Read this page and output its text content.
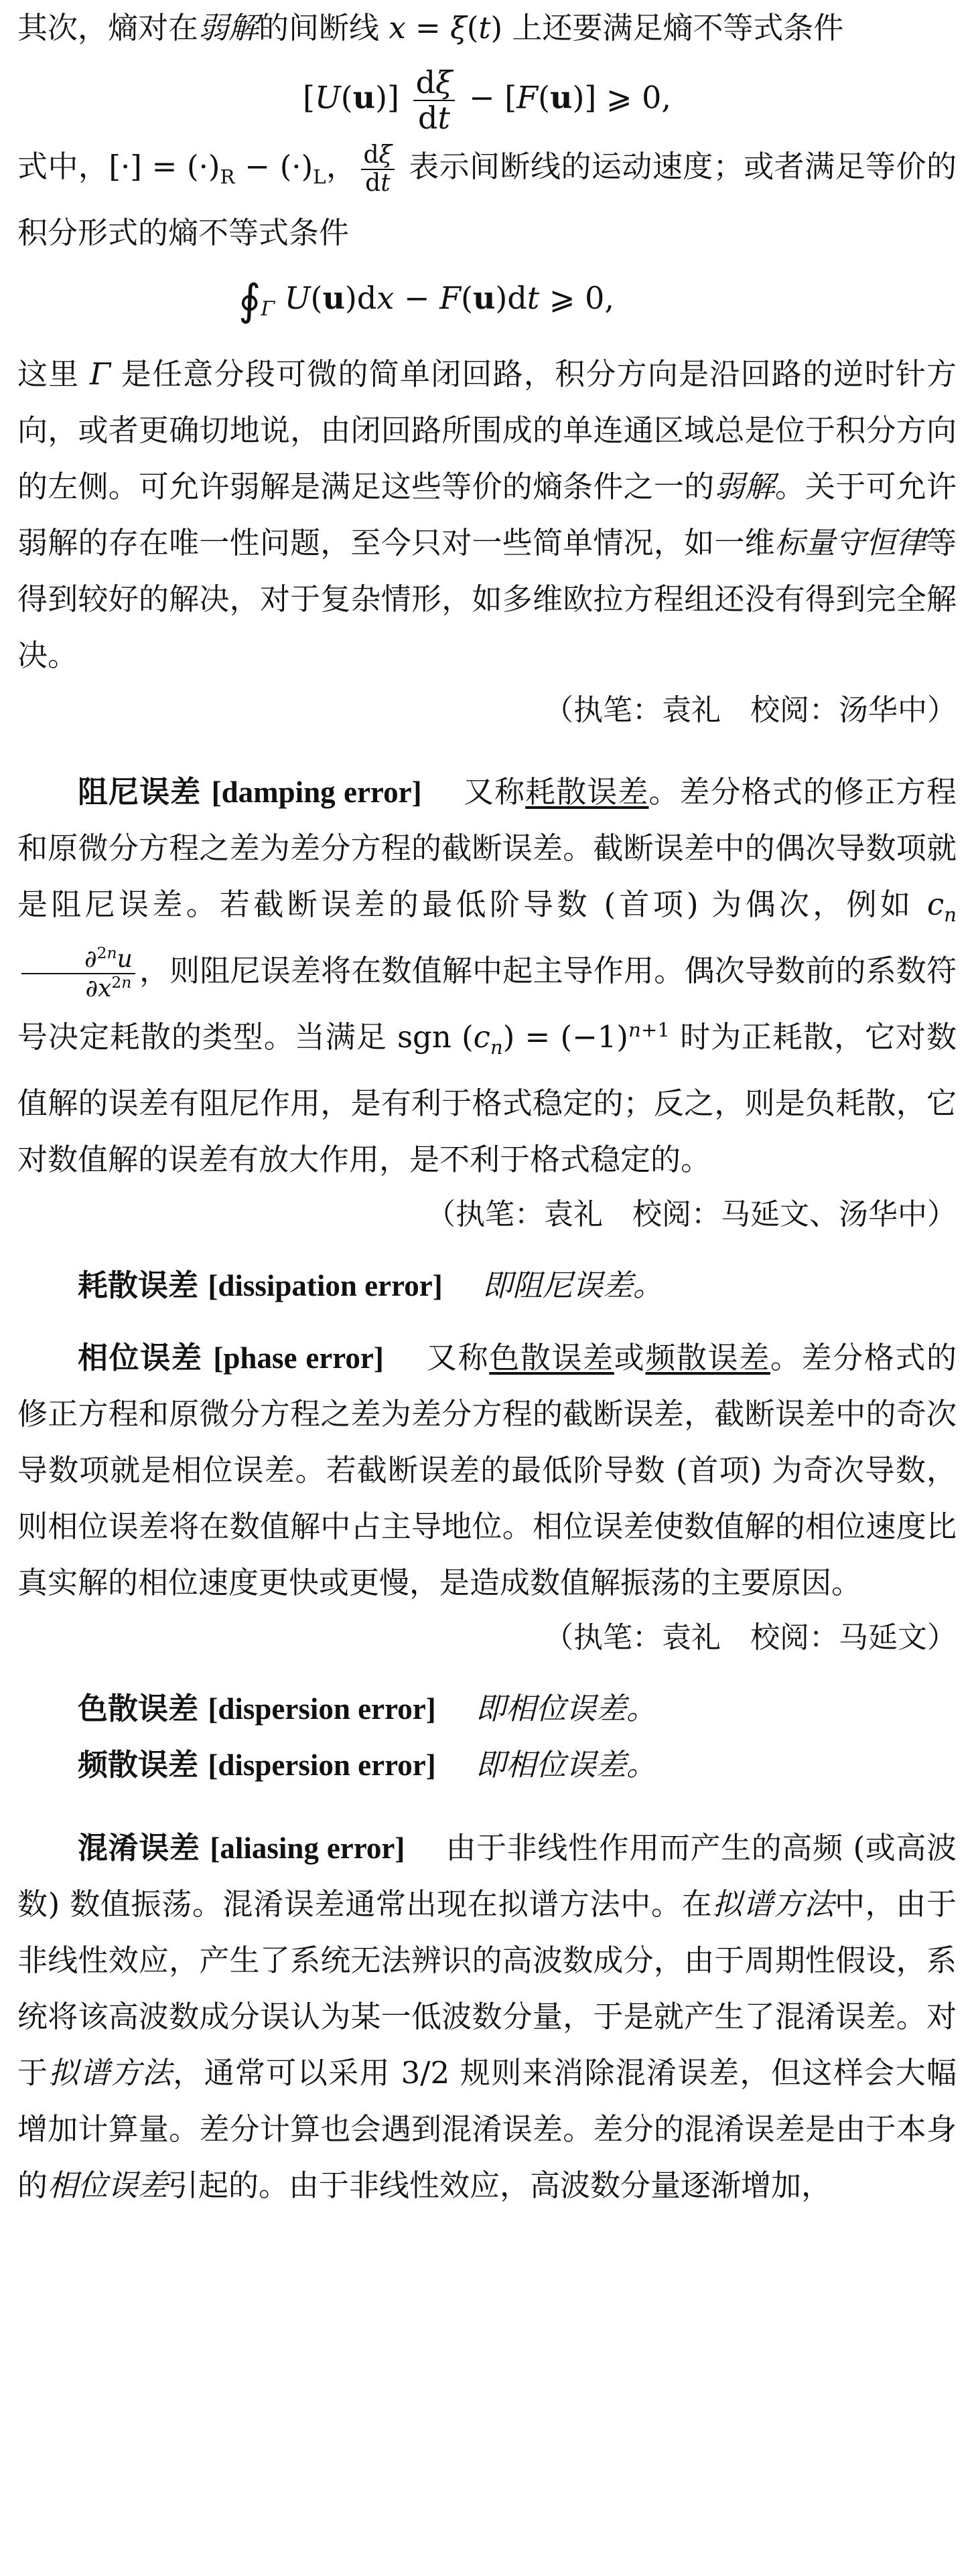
其次，熵对在弱解的间断线 x = ξ(t) 上还要满足熵不等式条件

$[U(u)] \frac{d\xi}{dt} - [F(u)]$ ⩾ 0,

式中，[·] = $(\cdot)_R - (\cdot)_L$， $\frac{d\xi}{dt}$ 表示间断线的运动速度；或者满足等价的积分形式的熵不等式条件

$∮_\Gamma$ U(u)dx − F(u)dt ⩾ 0,

这里 Γ 是任意分段可微的简单闭回路，积分方向是沿回路的逆时针方向，或者更确切地说，由闭回路所围成的单连通区域总是位于积分方向的左侧。可允许弱解是满足这些等价的熵条件之一的弱解。关于可允许弱解的存在唯一性问题，至今只对一些简单情况，如一维标量守恒律等得到较好的解决，对于复杂情形，如多维欧拉方程组还没有得到完全解决。

（执笔：袁礼　校阅：汤华中）

阻尼误差 [damping error]　 又称耗散误差。差分格式的修正方程和原微分方程之差为差分方程的截断误差。截断误差中的偶次导数项就是阻尼误差。若截断误差的最低阶导数 (首项) 为偶次，例如 $c_n$
$\frac{\partial^{2n}u}{\partial x^{2n}}$ ，则阻尼误差将在数值解中起主导作用。偶次导数前的系数符号决定耗散的类型。当满足 sgn $(c_n) = (-1)^{n+1}$ 时为正耗散，它对数值解的误差有阻尼作用，是有利于格式稳定的；反之，则是负耗散，它对数值解的误差有放大作用，是不利于格式稳定的。

（执笔：袁礼　校阅：马延文、汤华中）

耗散误差 [dissipation error]　 即阻尼误差。

相位误差 [phase error]　 又称色散误差或频散误差。差分格式的修正方程和原微分方程之差为差分方程的截断误差，截断误差中的奇次导数项就是相位误差。若截断误差的最低阶导数 (首项) 为奇次导数，则相位误差将在数值解中占主导地位。相位误差使数值解的相位速度比真实解的相位速度更快或更慢，是造成数值解振荡的主要原因。

（执笔：袁礼　校阅：马延文）

色散误差 [dispersion error]　 即相位误差。

频散误差 [dispersion error]　 即相位误差。

混淆误差 [aliasing error]　 由于非线性作用而产生的高频 (或高波数) 数值振荡。混淆误差通常出现在拟谱方法中。在拟谱方法中，由于非线性效应，产生了系统无法辨识的高波数成分，由于周期性假设，系统将该高波数成分误认为某一低波数分量，于是就产生了混淆误差。对于拟谱方法，通常可以采用 3/2 规则来消除混淆误差，但这样会大幅增加计算量。差分计算也会遇到混淆误差。差分的混淆误差是由于本身的相位误差引起的。由于非线性效应，高波数分量逐渐增加，
